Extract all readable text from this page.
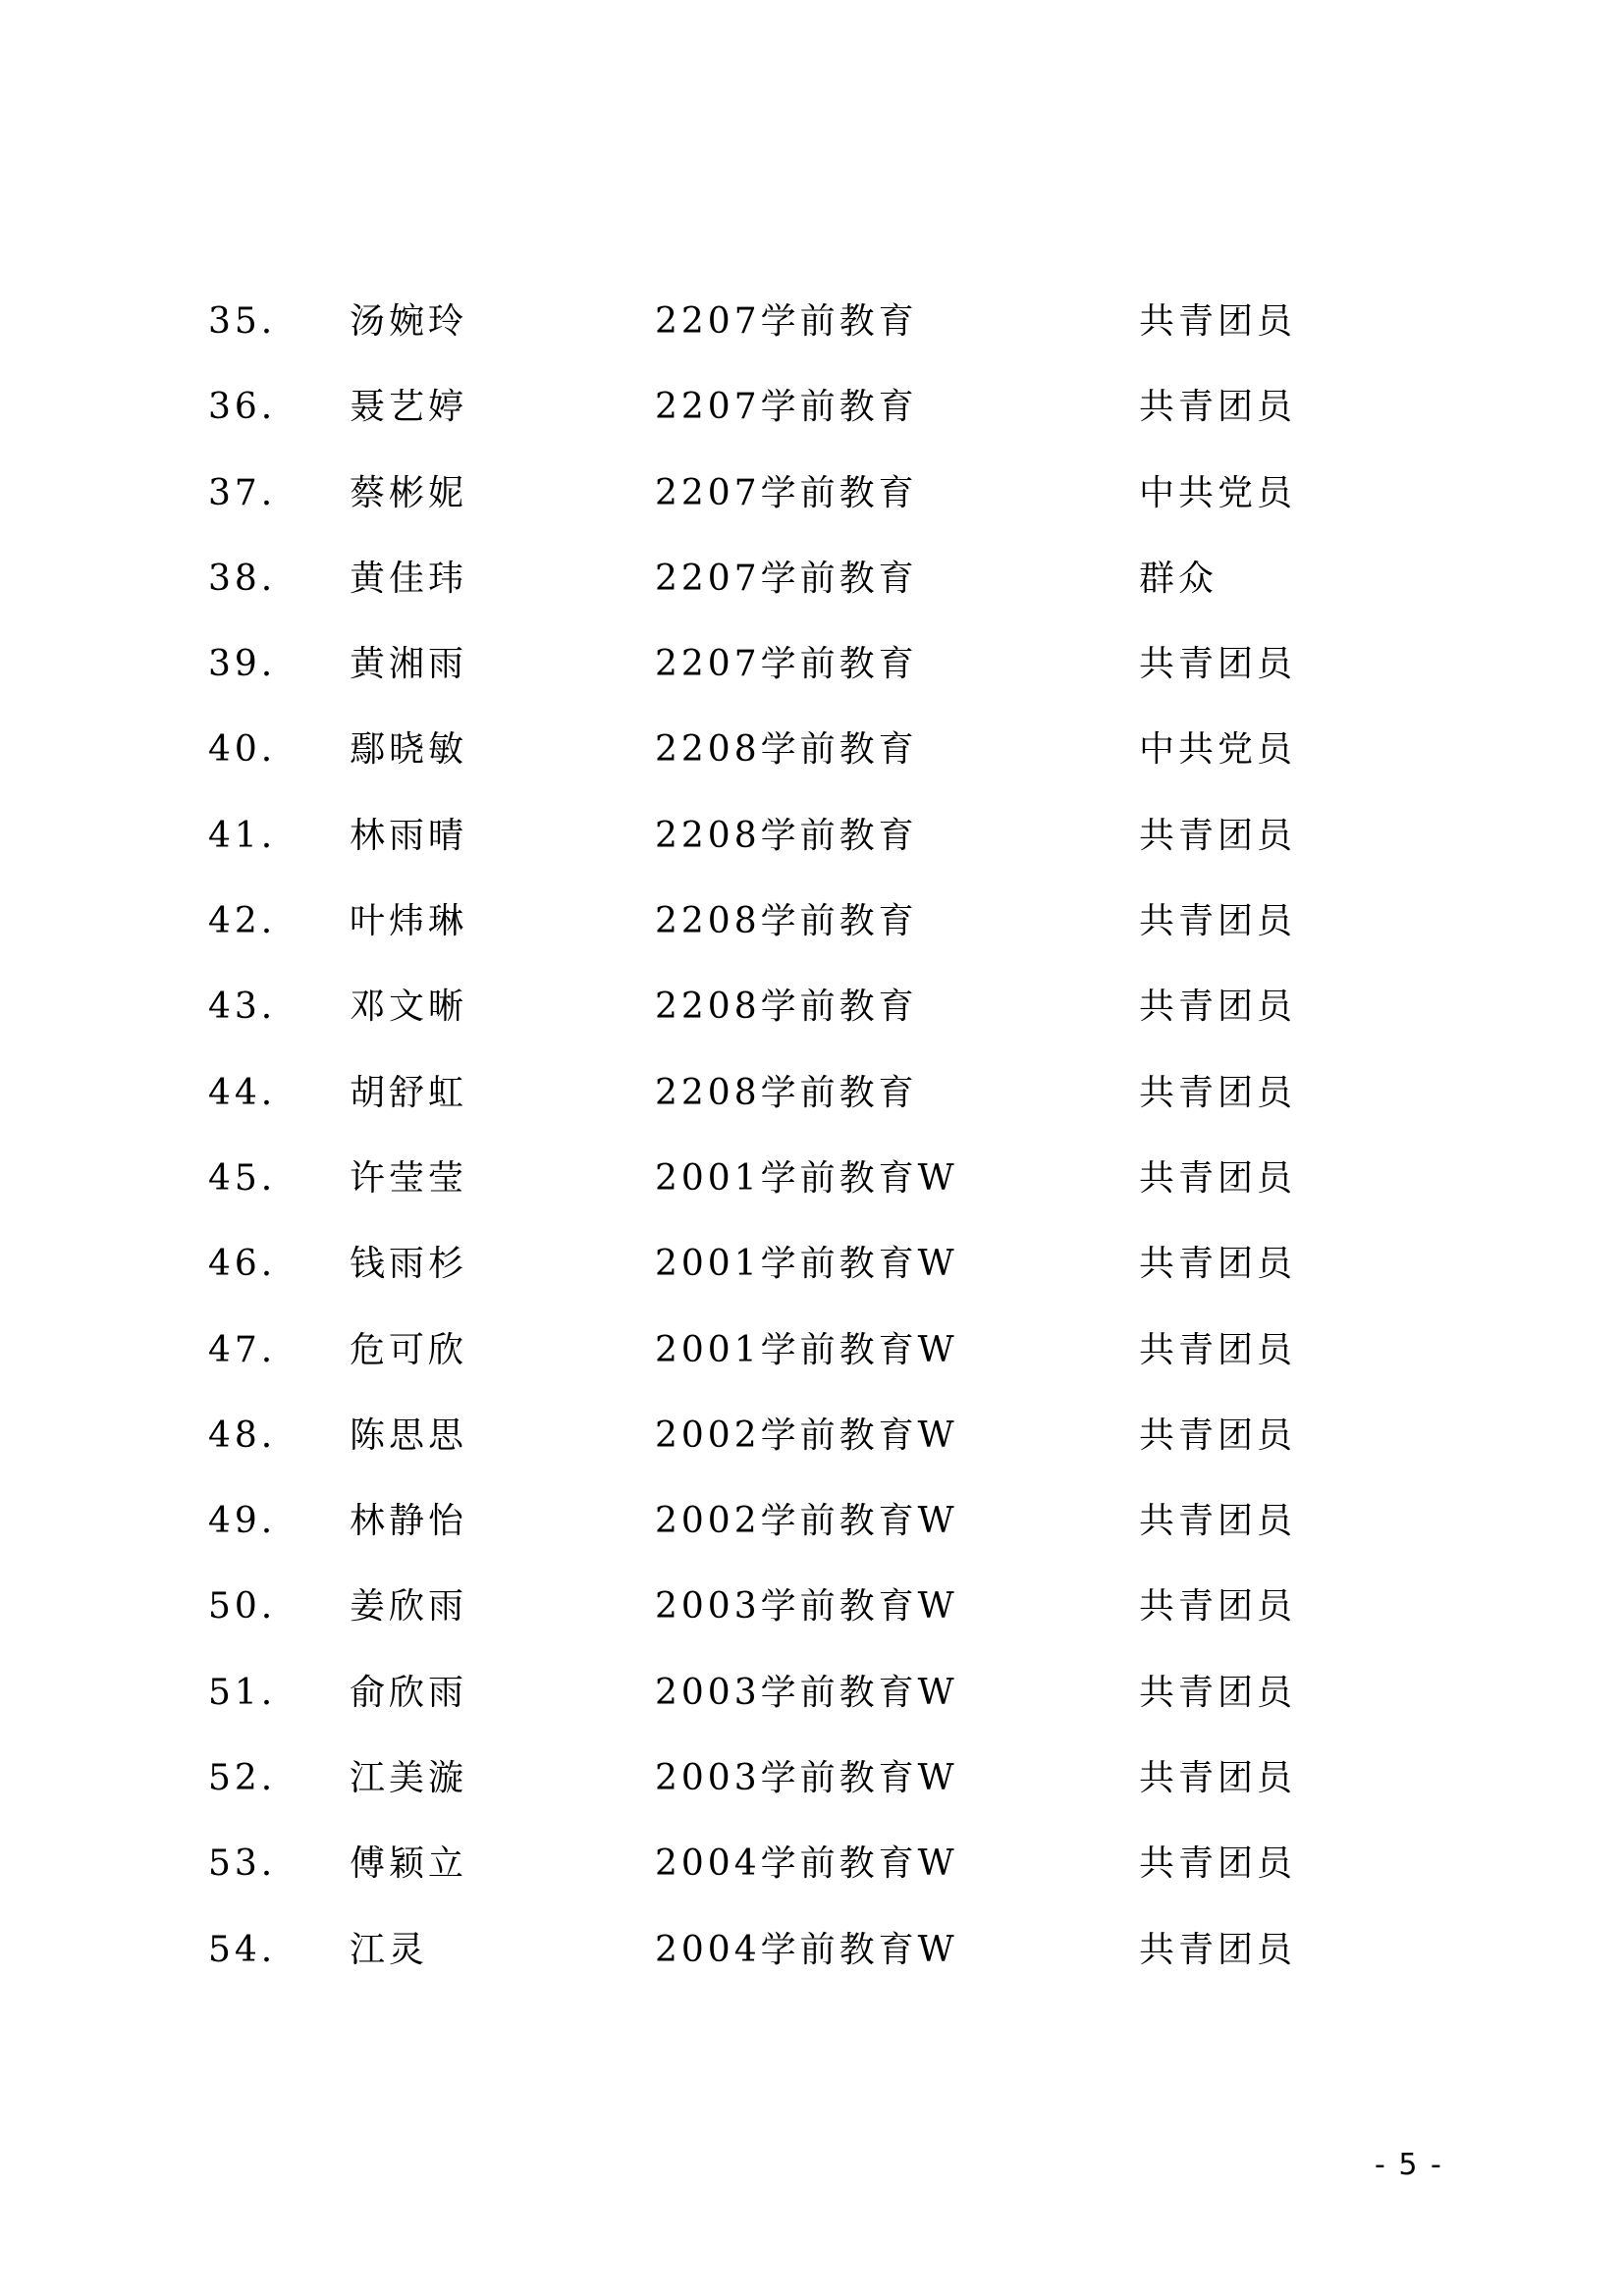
35. 汤婉玲	2207学前教育	共青团员
36. 聂艺婷	2207学前教育	共青团员
37. 蔡彬妮	2207学前教育	中共党员
38. 黄佳玮	2207学前教育	群众
39. 黄湘雨	2207学前教育	共青团员
40. 鄢晓敏	2208学前教育	中共党员
41. 林雨晴	2208学前教育	共青团员
42. 叶炜琳	2208学前教育	共青团员
43. 邓文晰	2208学前教育	共青团员
44. 胡舒虹	2208学前教育	共青团员
45. 许莹莹	2001学前教育W	共青团员
46. 钱雨杉	2001学前教育W	共青团员
47. 危可欣	2001学前教育W	共青团员
48. 陈思思	2002学前教育W	共青团员
49. 林静怡	2002学前教育W	共青团员
50. 姜欣雨	2003学前教育W	共青团员
51. 俞欣雨	2003学前教育W	共青团员
52. 江美漩	2003学前教育W	共青团员
53. 傅颖立	2004学前教育W	共青团员
54. 江灵	2004学前教育W	共青团员
- 5 -
